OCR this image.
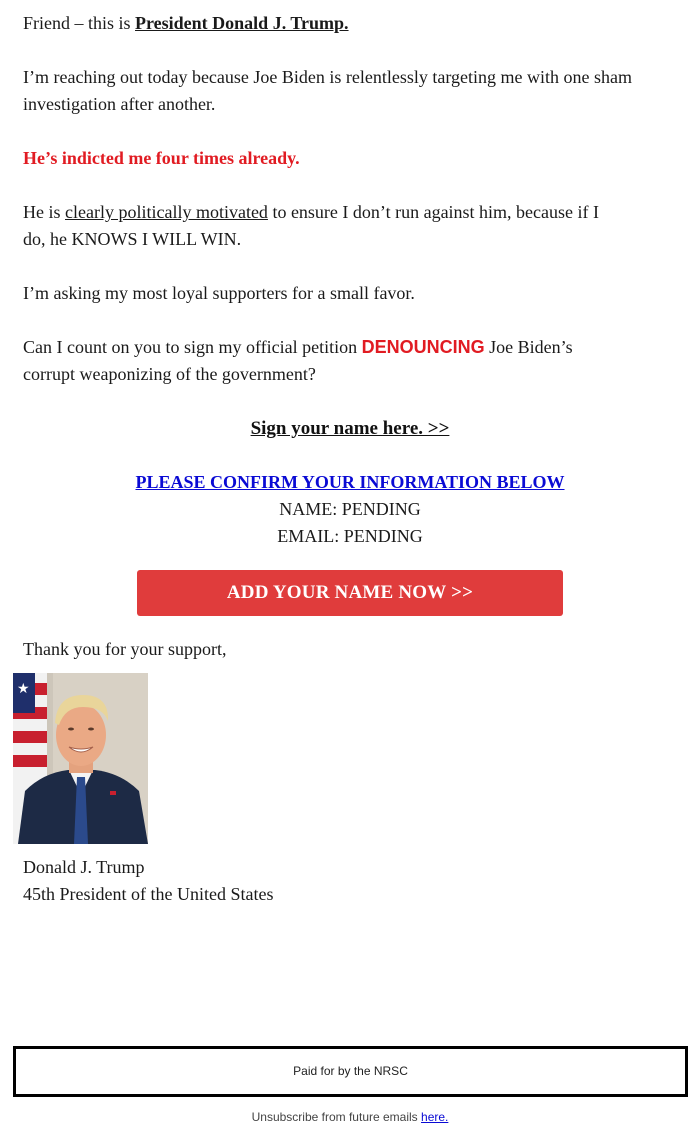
Friend – this is President Donald J. Trump.

I’m reaching out today because Joe Biden is relentlessly targeting me with one sham investigation after another.

He’s indicted me four times already.

He is clearly politically motivated to ensure I don’t run against him, because if I
do, he KNOWS I WILL WIN.

I’m asking my most loyal supporters for a small favor.

Can I count on you to sign my official petition DENOUNCING Joe Biden’s
corrupt weaponizing of the government?

Sign your name here. >>

PLEASE CONFIRM YOUR INFORMATION BELOW
NAME: PENDING
EMAIL: PENDING

ADD YOUR NAME NOW >>

Thank you for your support,

★

Donald J. Trump
45th President of the United States

Paid for by the NRSC
Unsubscribe from future emails here.
